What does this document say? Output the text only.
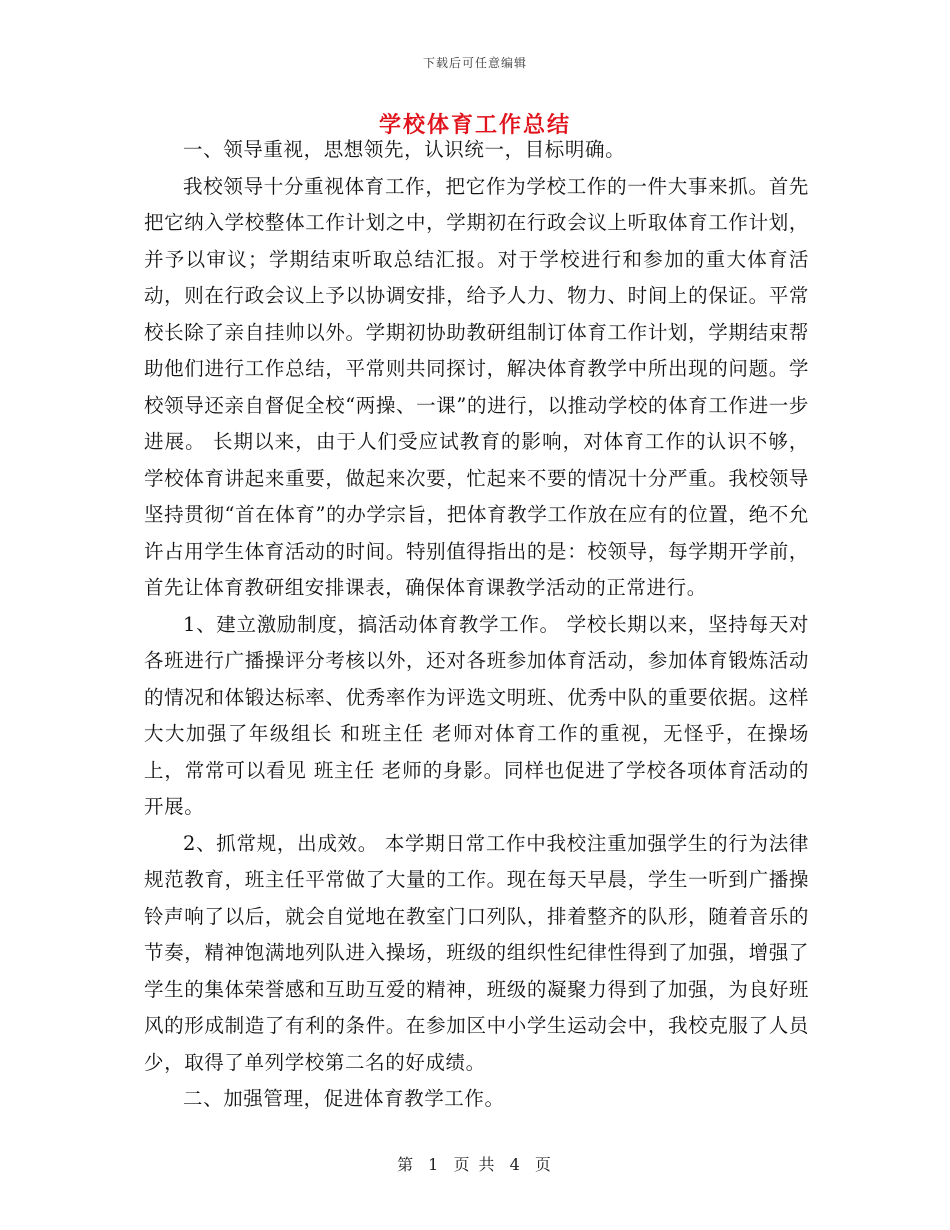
下载后可任意编辑
学校体育工作总结

一、领导重视，思想领先，认识统一，目标明确。

我校领导十分重视体育工作，把它作为学校工作的一件大事来抓。首先把它纳入学校整体工作计划之中，学期初在行政会议上听取体育工作计划，并予以审议；学期结束听取总结汇报。对于学校进行和参加的重大体育活动，则在行政会议上予以协调安排，给予人力、物力、时间上的保证。平常校长除了亲自挂帅以外。学期初协助教研组制订体育工作计划，学期结束帮助他们进行工作总结，平常则共同探讨，解决体育教学中所出现的问题。学校领导还亲自督促全校“两操、一课”的进行，以推动学校的体育工作进一步进展。 长期以来，由于人们受应试教育的影响，对体育工作的认识不够，学校体育讲起来重要，做起来次要，忙起来不要的情况十分严重。我校领导坚持贯彻“首在体育”的办学宗旨，把体育教学工作放在应有的位置，绝不允许占用学生体育活动的时间。特别值得指出的是：校领导，每学期开学前，首先让体育教研组安排课表，确保体育课教学活动的正常进行。

1、建立激励制度，搞活动体育教学工作。 学校长期以来，坚持每天对各班进行广播操评分考核以外，还对各班参加体育活动，参加体育锻炼活动的情况和体锻达标率、优秀率作为评选文明班、优秀中队的重要依据。这样大大加强了年级组长 和班主任 老师对体育工作的重视，无怪乎，在操场上，常常可以看见 班主任 老师的身影。同样也促进了学校各项体育活动的开展。

2、抓常规，出成效。 本学期日常工作中我校注重加强学生的行为法律规范教育，班主任平常做了大量的工作。现在每天早晨，学生一听到广播操铃声响了以后，就会自觉地在教室门口列队，排着整齐的队形，随着音乐的节奏，精神饱满地列队进入操场，班级的组织性纪律性得到了加强，增强了学生的集体荣誉感和互助互爱的精神，班级的凝聚力得到了加强，为良好班风的形成制造了有利的条件。在参加区中小学生运动会中，我校克服了人员少，取得了单列学校第二名的好成绩。

二、加强管理，促进体育教学工作。

第 1 页 共 4 页
